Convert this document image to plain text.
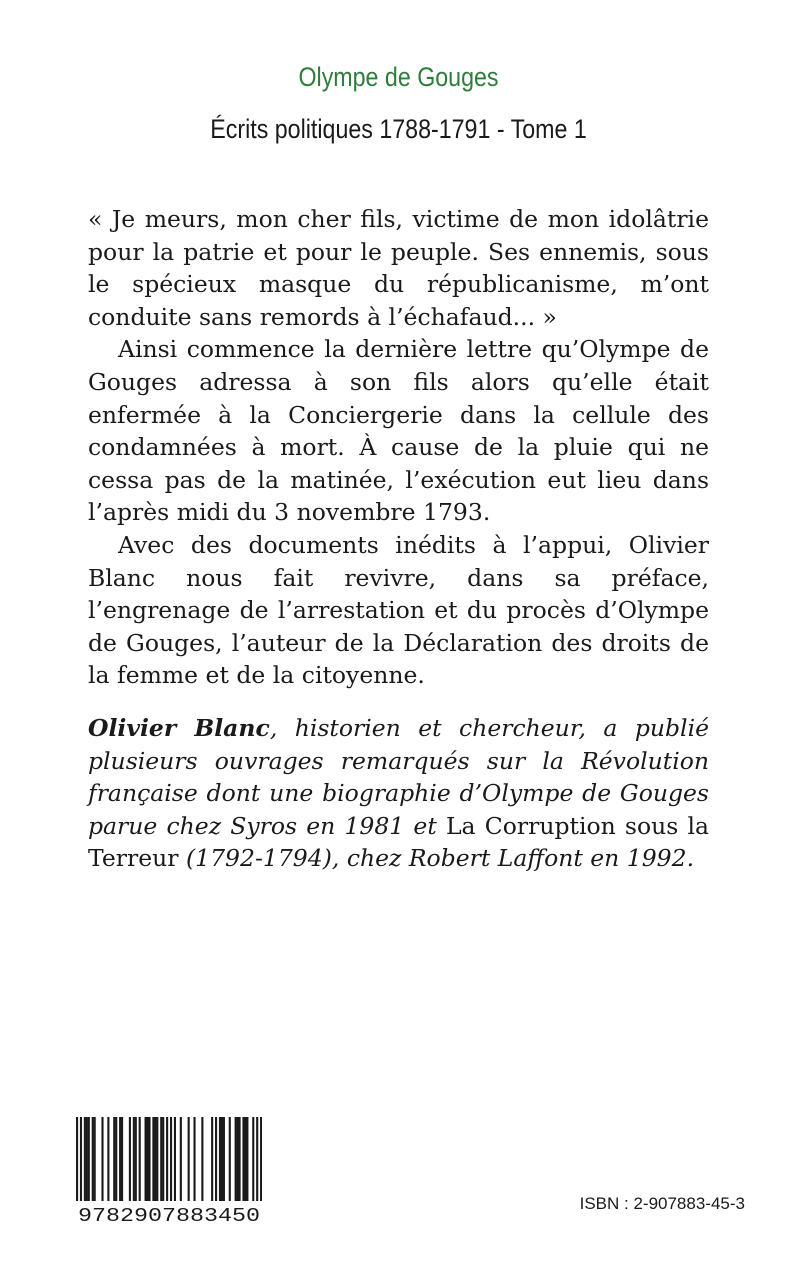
Olympe de Gouges
Écrits politiques 1788-1791 - Tome 1

« Je meurs, mon cher fils, victime de mon idolâtrie pour la patrie et pour le peuple. Ses ennemis, sous le spécieux masque du républicanisme, m’ont conduite sans remords à l’échafaud... »

Ainsi commence la dernière lettre qu’Olympe de Gouges adressa à son fils alors qu’elle était enfermée à la Conciergerie dans la cellule des condamnées à mort. À cause de la pluie qui ne cessa pas de la matinée, l’exécution eut lieu dans l’après midi du 3 novembre 1793.

Avec des documents inédits à l’appui, Olivier Blanc nous fait revivre, dans sa préface, l’engrenage de l’arrestation et du procès d’Olympe de Gouges, l’auteur de la Déclaration des droits de la femme et de la citoyenne.

Olivier Blanc, historien et chercheur, a publié plusieurs ouvrages remarqués sur la Révolution française dont une biographie d’Olympe de Gouges parue chez Syros en 1981 et La Corruption sous la Terreur (1792-1794), chez Robert Laffont en 1992.

9782907883450
ISBN : 2-907883-45-3
